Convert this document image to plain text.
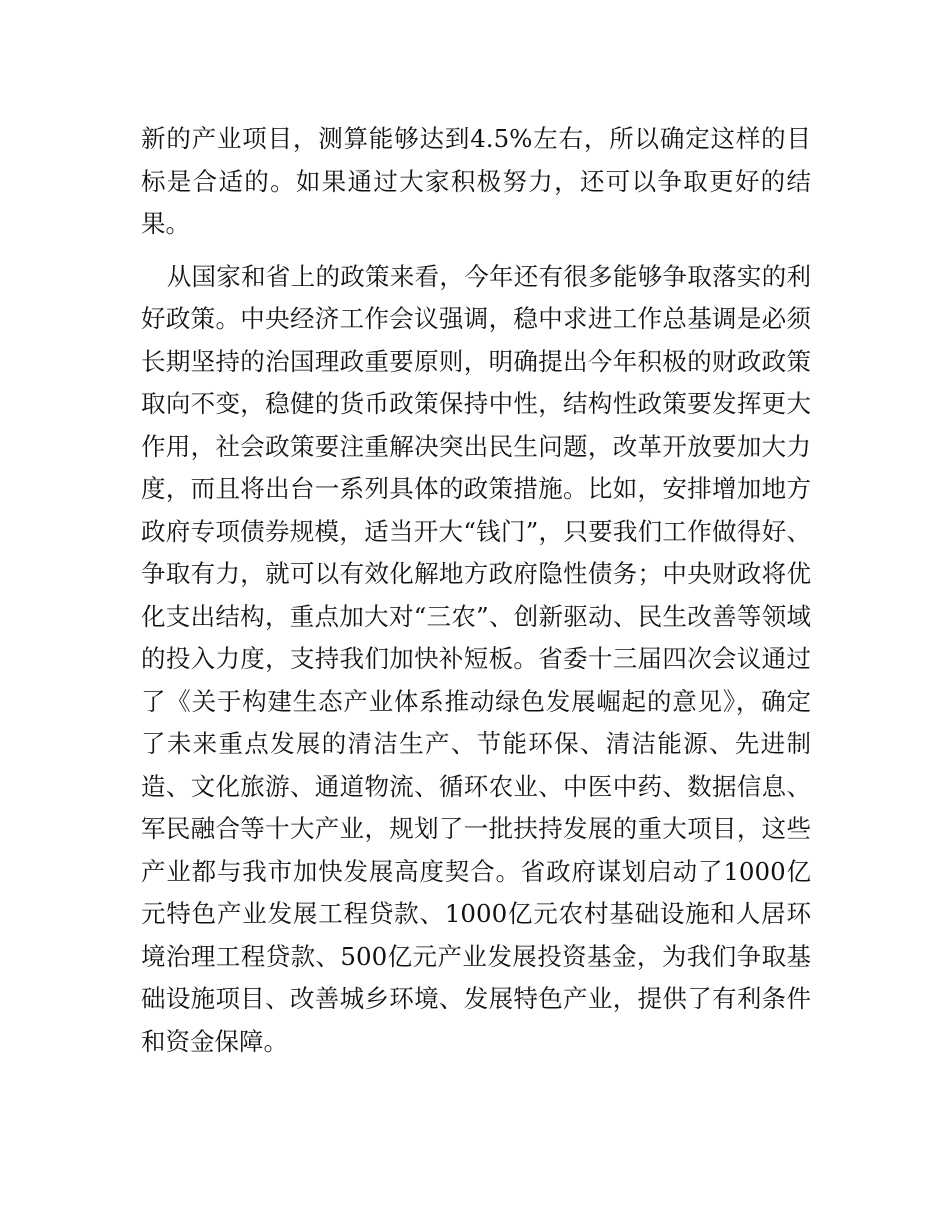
新的产业项目，测算能够达到4.5%左右，所以确定这样的目标是合适的。如果通过大家积极努力，还可以争取更好的结果。

从国家和省上的政策来看，今年还有很多能够争取落实的利好政策。中央经济工作会议强调，稳中求进工作总基调是必须长期坚持的治国理政重要原则，明确提出今年积极的财政政策取向不变，稳健的货币政策保持中性，结构性政策要发挥更大作用，社会政策要注重解决突出民生问题，改革开放要加大力度，而且将出台一系列具体的政策措施。比如，安排增加地方政府专项债券规模，适当开大“钱门”，只要我们工作做得好、争取有力，就可以有效化解地方政府隐性债务；中央财政将优化支出结构，重点加大对“三农”、创新驱动、民生改善等领域的投入力度，支持我们加快补短板。省委十三届四次会议通过了《关于构建生态产业体系推动绿色发展崛起的意见》，确定了未来重点发展的清洁生产、节能环保、清洁能源、先进制造、文化旅游、通道物流、循环农业、中医中药、数据信息、军民融合等十大产业，规划了一批扶持发展的重大项目，这些产业都与我市加快发展高度契合。省政府谋划启动了1000亿元特色产业发展工程贷款、1000亿元农村基础设施和人居环境治理工程贷款、500亿元产业发展投资基金，为我们争取基础设施项目、改善城乡环境、发展特色产业，提供了有利条件和资金保障。
